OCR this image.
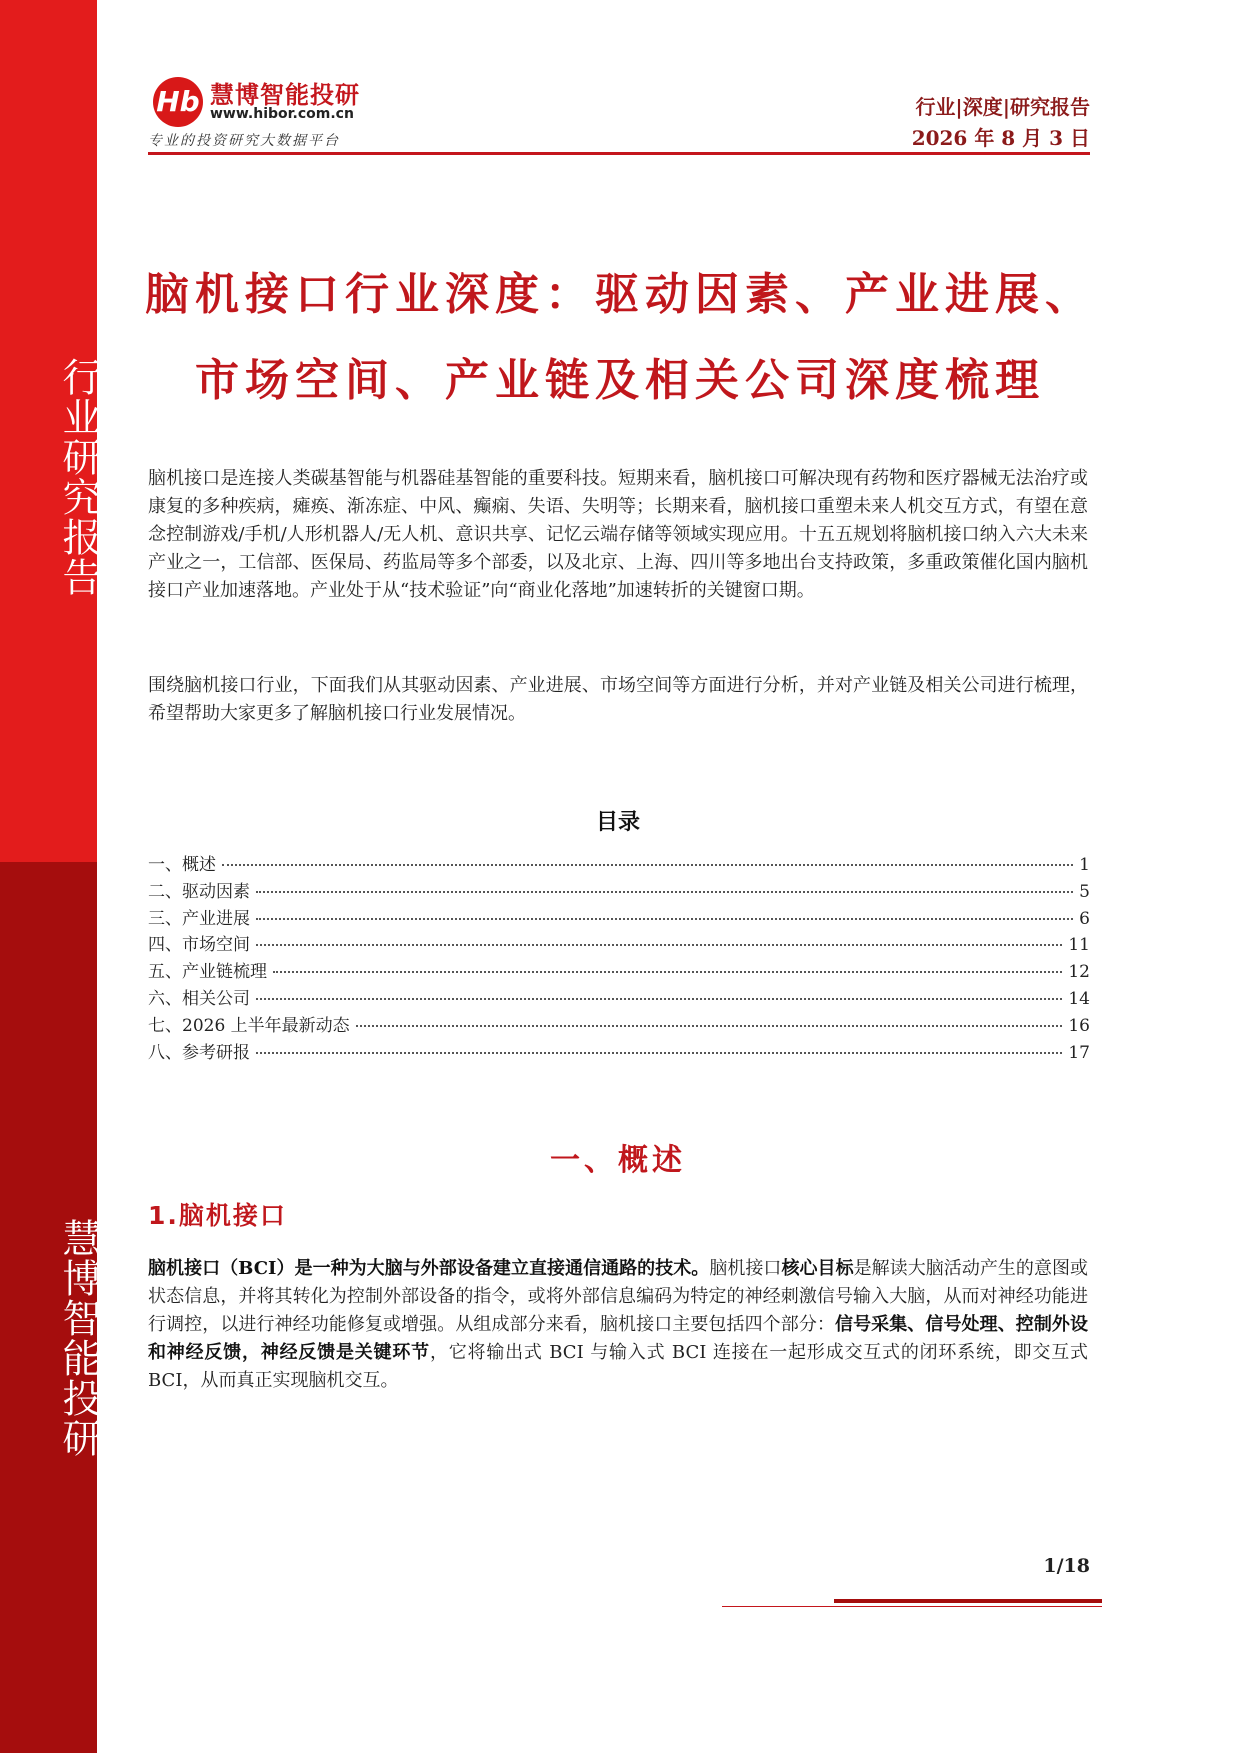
行业研究报告
慧博智能投研
Hb 慧博智能投研
www.hibor.com.cn
专业的投资研究大数据平台
行业|深度|研究报告
2026 年 8 月 3 日
脑机接口行业深度：驱动因素、产业进展、
市场空间、产业链及相关公司深度梳理
脑机接口是连接人类碳基智能与机器硅基智能的重要科技。短期来看，脑机接口可解决现有药物和医疗器械无法治疗或康复的多种疾病，瘫痪、渐冻症、中风、癫痫、失语、失明等；长期来看，脑机接口重塑未来人机交互方式，有望在意念控制游戏/手机/人形机器人/无人机、意识共享、记忆云端存储等领域实现应用。十五五规划将脑机接口纳入六大未来产业之一，工信部、医保局、药监局等多个部委，以及北京、上海、四川等多地出台支持政策，多重政策催化国内脑机接口产业加速落地。产业处于从“技术验证”向“商业化落地”加速转折的关键窗口期。
围绕脑机接口行业，下面我们从其驱动因素、产业进展、市场空间等方面进行分析，并对产业链及相关公司进行梳理，希望帮助大家更多了解脑机接口行业发展情况。
目录
一、概述	1
二、驱动因素	5
三、产业进展	6
四、市场空间	11
五、产业链梳理	12
六、相关公司	14
七、2026 上半年最新动态	16
八、参考研报	17
一、概述
1.脑机接口
脑机接口（BCI）是一种为大脑与外部设备建立直接通信通路的技术。脑机接口核心目标是解读大脑活动产生的意图或状态信息，并将其转化为控制外部设备的指令，或将外部信息编码为特定的神经刺激信号输入大脑，从而对神经功能进行调控，以进行神经功能修复或增强。从组成部分来看，脑机接口主要包括四个部分：信号采集、信号处理、控制外设和神经反馈，神经反馈是关键环节，它将输出式 BCI 与输入式 BCI 连接在一起形成交互式的闭环系统，即交互式 BCI，从而真正实现脑机交互。
1/18
